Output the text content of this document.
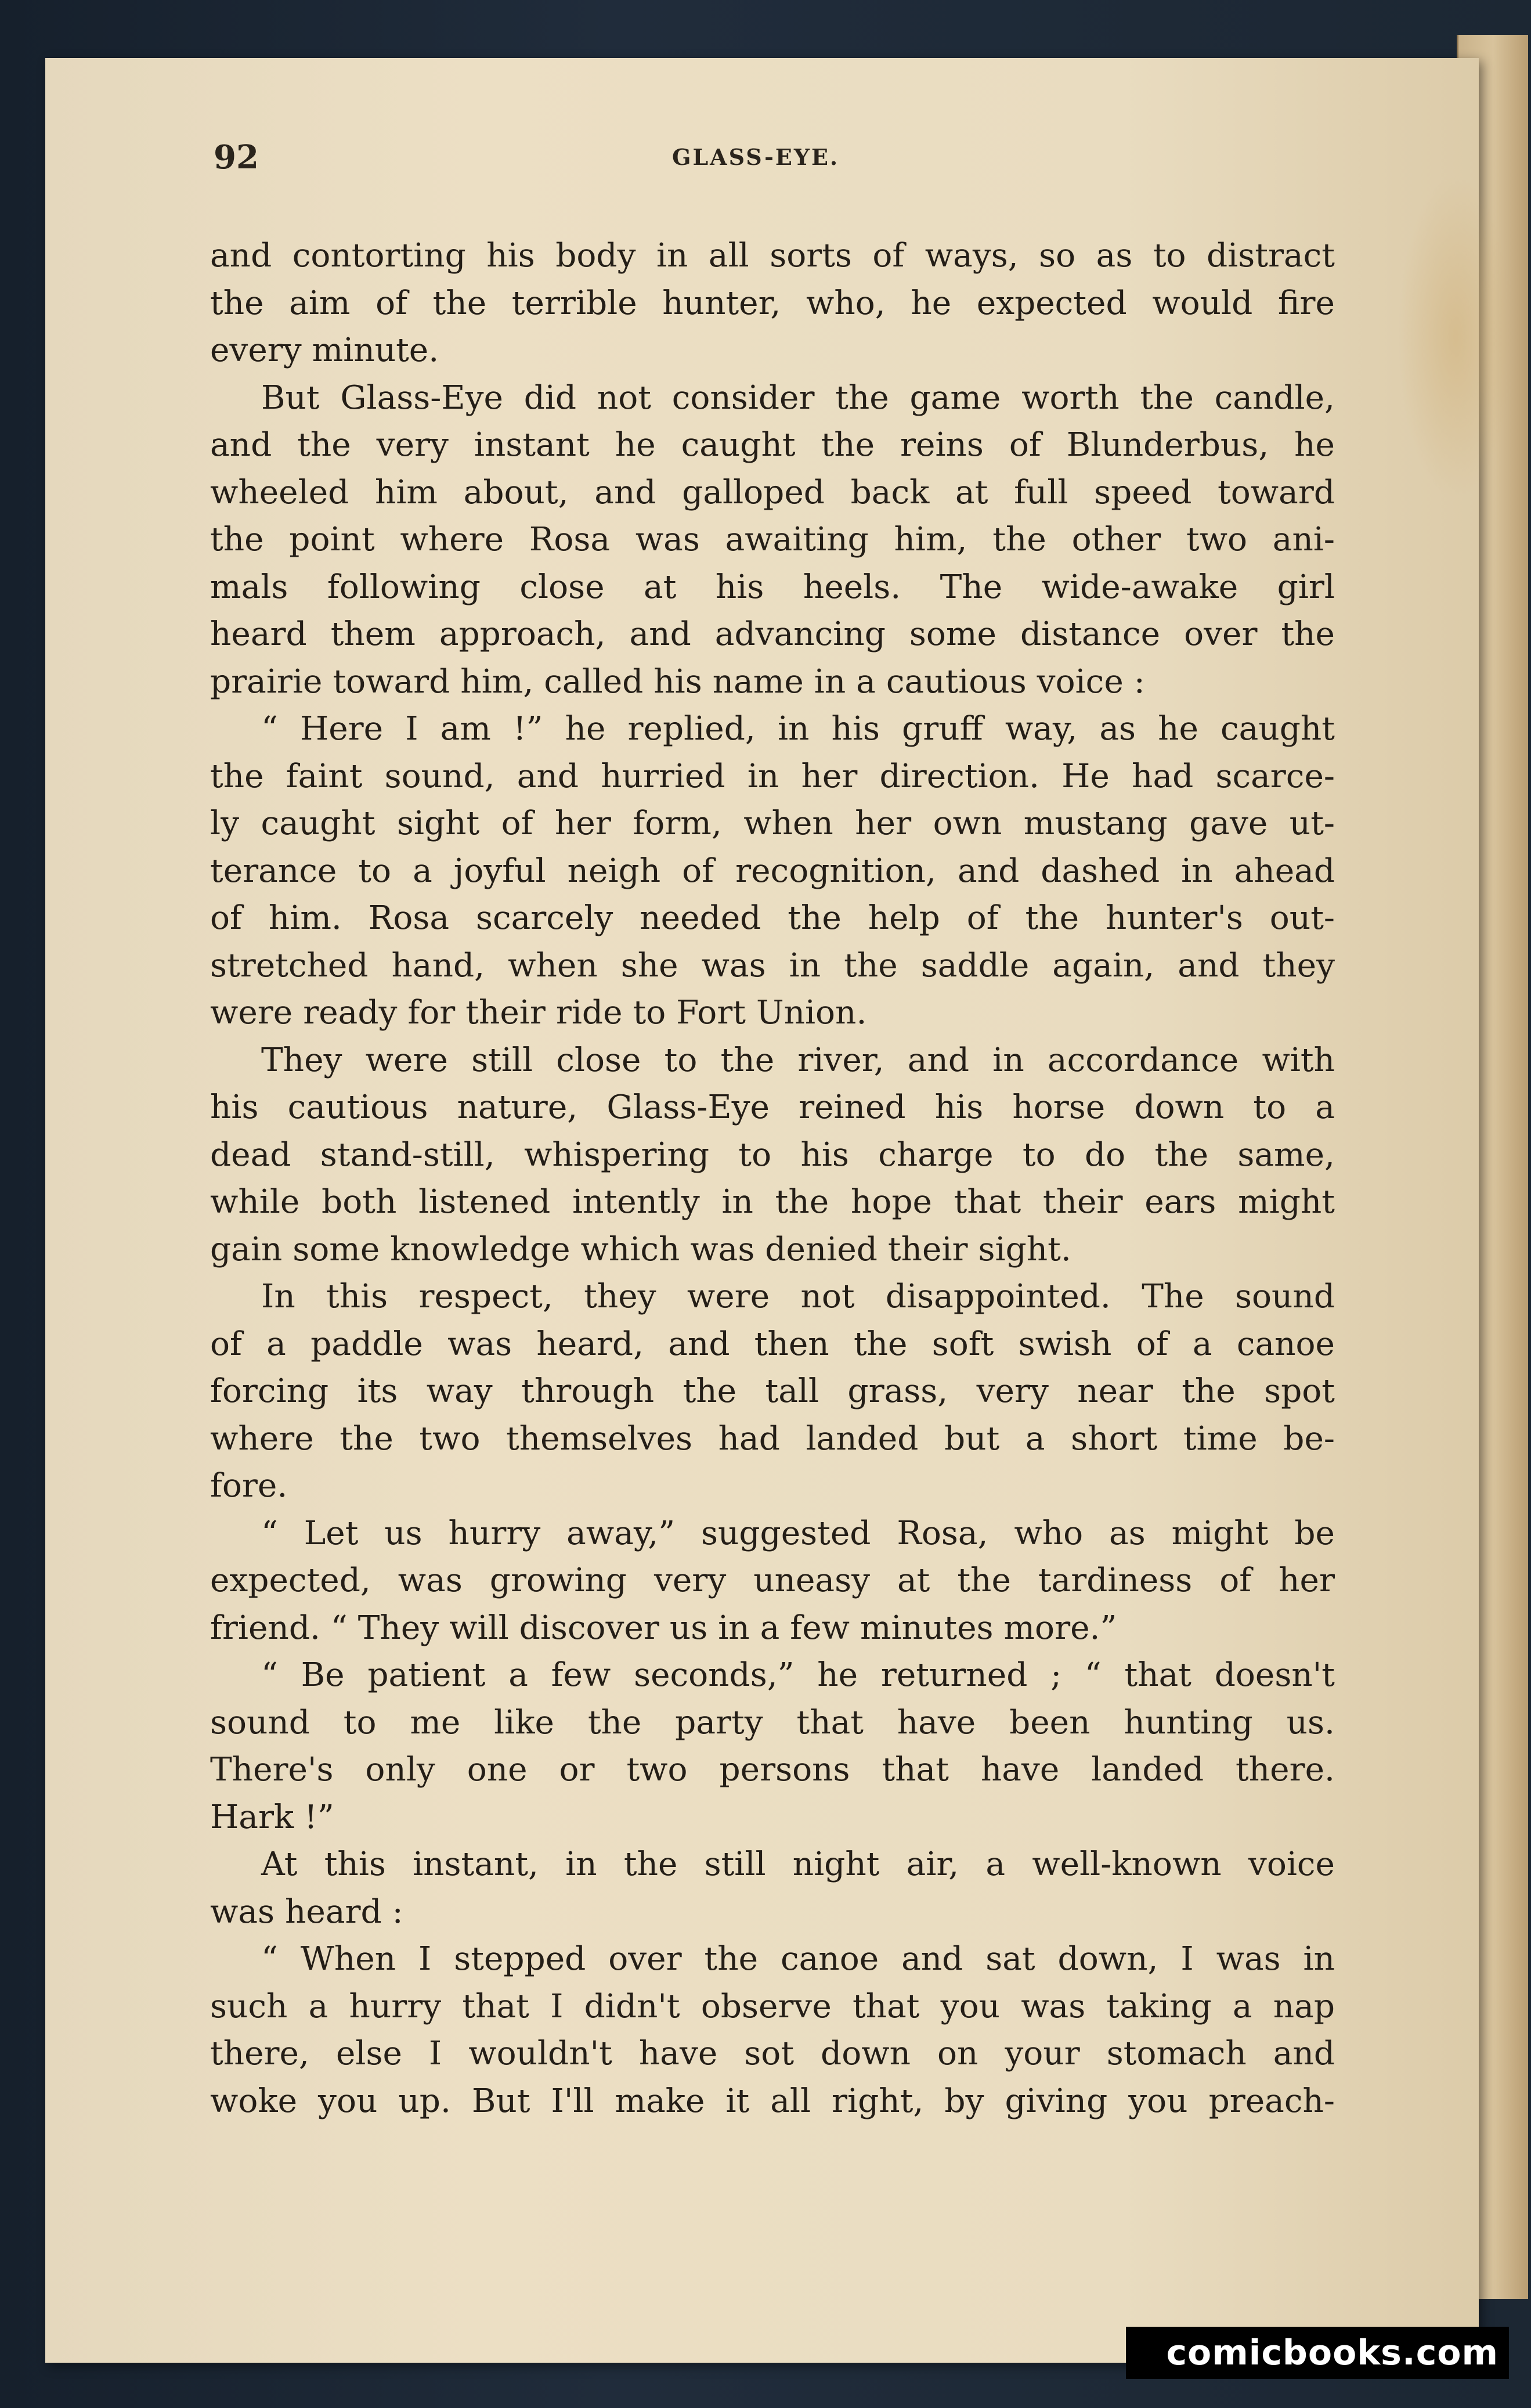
92	GLASS-EYE.
and contorting his body in all sorts of ways, so as to distract
the aim of the terrible hunter, who, he expected would fire
every minute.
But Glass-Eye did not consider the game worth the candle,
and the very instant he caught the reins of Blunderbus, he
wheeled him about, and galloped back at full speed toward
the point where Rosa was awaiting him, the other two ani-
mals following close at his heels. The wide-awake girl
heard them approach, and advancing some distance over the
prairie toward him, called his name in a cautious voice :
“ Here I am !” he replied, in his gruff way, as he caught
the faint sound, and hurried in her direction. He had scarce-
ly caught sight of her form, when her own mustang gave ut-
terance to a joyful neigh of recognition, and dashed in ahead
of him. Rosa scarcely needed the help of the hunter's out-
stretched hand, when she was in the saddle again, and they
were ready for their ride to Fort Union.
They were still close to the river, and in accordance with
his cautious nature, Glass-Eye reined his horse down to a
dead stand-still, whispering to his charge to do the same,
while both listened intently in the hope that their ears might
gain some knowledge which was denied their sight.
In this respect, they were not disappointed. The sound
of a paddle was heard, and then the soft swish of a canoe
forcing its way through the tall grass, very near the spot
where the two themselves had landed but a short time be-
fore.
“ Let us hurry away,” suggested Rosa, who as might be
expected, was growing very uneasy at the tardiness of her
friend. “ They will discover us in a few minutes more.”
“ Be patient a few seconds,” he returned ; “ that doesn't
sound to me like the party that have been hunting us.
There's only one or two persons that have landed there.
Hark !”
At this instant, in the still night air, a well-known voice
was heard :
“ When I stepped over the canoe and sat down, I was in
such a hurry that I didn't observe that you was taking a nap
there, else I wouldn't have sot down on your stomach and
woke you up. But I'll make it all right, by giving you preach-
comicbooks.com
